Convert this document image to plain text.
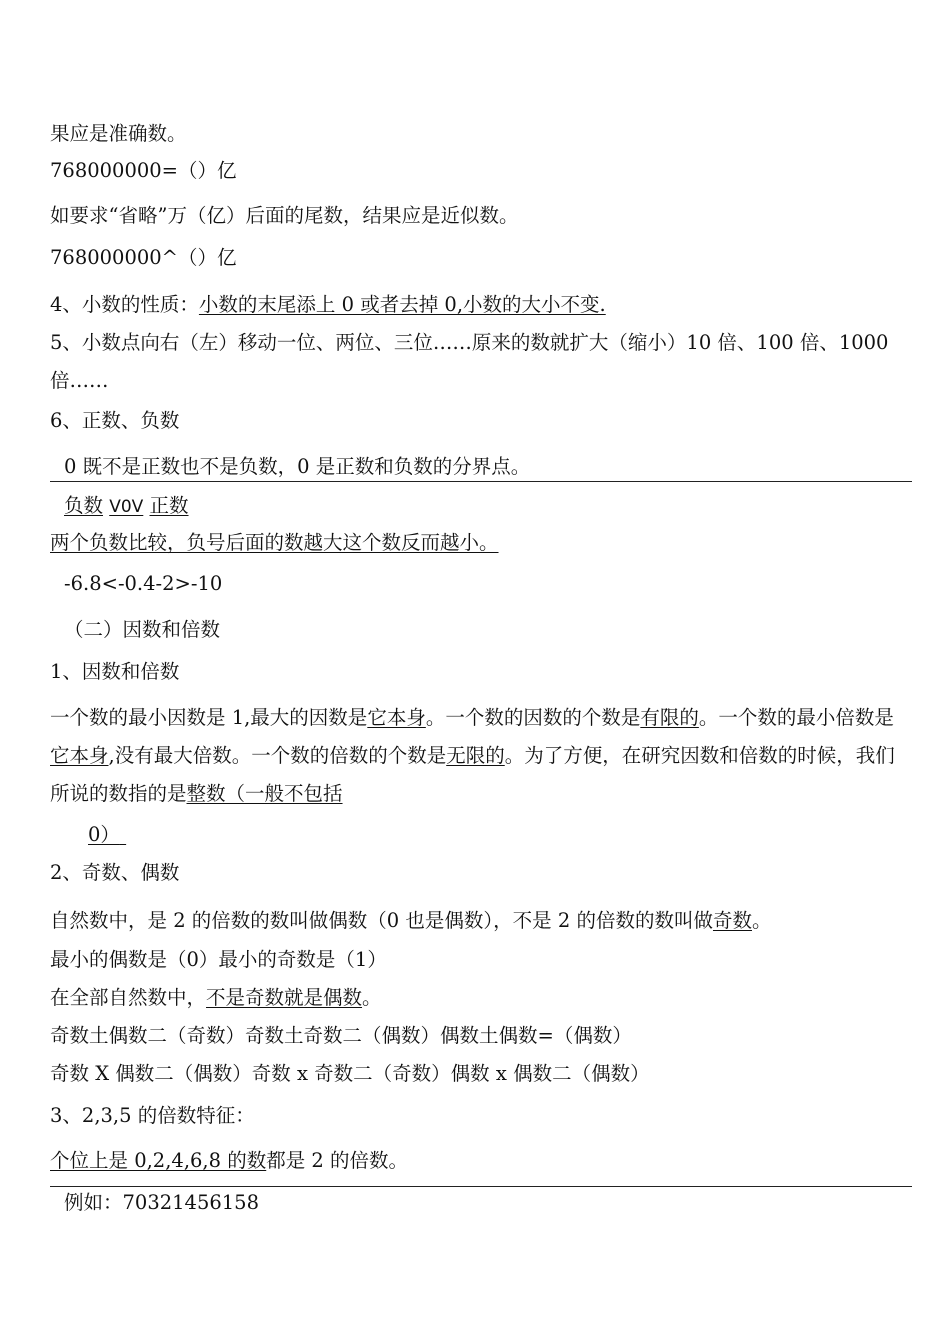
果应是准确数。
768000000=（）亿
如要求“省略”万（亿）后面的尾数，结果应是近似数。
768000000^（）亿
4、小数的性质：小数的末尾添上 0 或者去掉 0,小数的大小不变.
5、小数点向右（左）移动一位、两位、三位……原来的数就扩大（缩小）10 倍、100 倍、1000 倍……
6、正数、负数
0 既不是正数也不是负数，0 是正数和负数的分界点。
负数 V0V 正数
两个负数比较，负号后面的数越大这个数反而越小。
-6.8<-0.4-2>-10
（二）因数和倍数
1、因数和倍数
一个数的最小因数是 1,最大的因数是它本身。一个数的因数的个数是有限的。一个数的最小倍数是它本身,没有最大倍数。一个数的倍数的个数是无限的。为了方便，在研究因数和倍数的时候，我们所说的数指的是整数（一般不包括
0）
2、奇数、偶数
自然数中，是 2 的倍数的数叫做偶数（0 也是偶数），不是 2 的倍数的数叫做奇数。
最小的偶数是（0）最小的奇数是（1）
在全部自然数中，不是奇数就是偶数。
奇数土偶数二（奇数）奇数土奇数二（偶数）偶数土偶数=（偶数）
奇数 X 偶数二（偶数）奇数 x 奇数二（奇数）偶数 x 偶数二（偶数）
3、2,3,5 的倍数特征：
个位上是 0,2,4,6,8 的数都是 2 的倍数。
例如：70321456158
